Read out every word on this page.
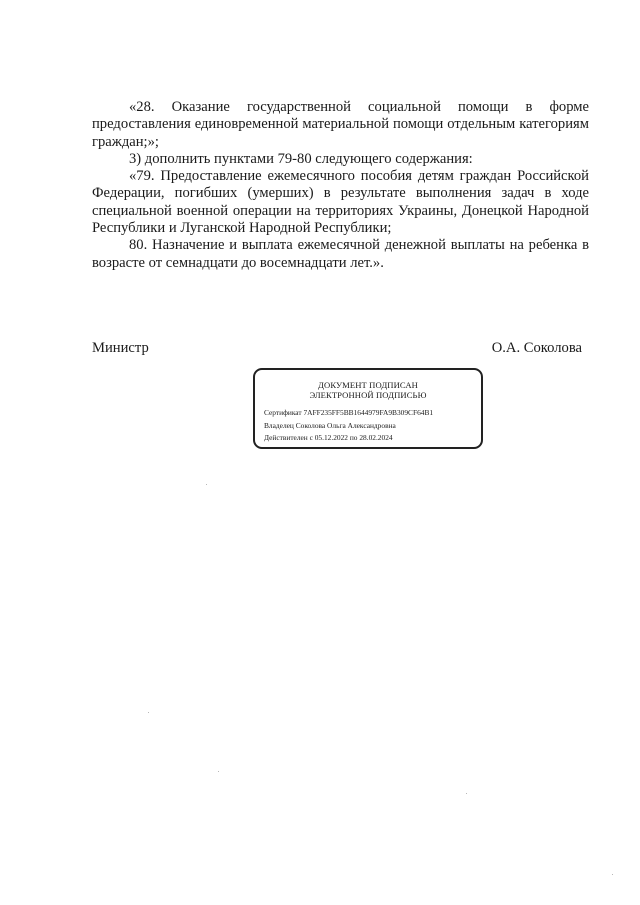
«28. Оказание государственной социальной помощи в форме предоставления единовременной материальной помощи отдельным категориям граждан;»;

3) дополнить пунктами 79-80 следующего содержания:

«79. Предоставление ежемесячного пособия детям граждан Российской Федерации, погибших (умерших) в результате выполнения задач в ходе специальной военной операции на территориях Украины, Донецкой Народной Республики и Луганской Народной Республики;

80. Назначение и выплата ежемесячной денежной выплаты на ребенка в возрасте от семнадцати до восемнадцати лет.».

Министр	О.А. Соколова
ДОКУМЕНТ ПОДПИСАН
ЭЛЕКТРОННОЙ ПОДПИСЬЮ
Сертификат 7AFF235FF5BB1644979FA9B309CF64B1
Владелец Соколова Ольга Александровна
Действителен с 05.12.2022 по 28.02.2024
